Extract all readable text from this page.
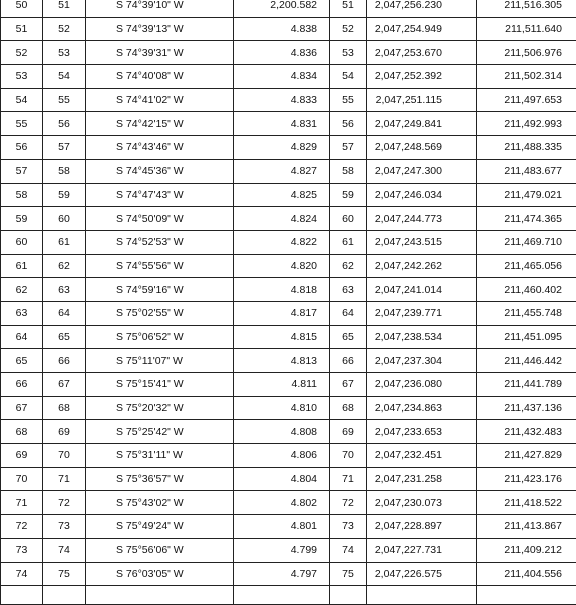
50	51	S 74°39'10" W	2,200.582	51	2,047,256.230	211,516.305
51	52	S 74°39'13" W	4.838	52	2,047,254.949	211,511.640
52	53	S 74°39'31" W	4.836	53	2,047,253.670	211,506.976
53	54	S 74°40'08" W	4.834	54	2,047,252.392	211,502.314
54	55	S 74°41'02" W	4.833	55	2,047,251.115	211,497.653
55	56	S 74°42'15" W	4.831	56	2,047,249.841	211,492.993
56	57	S 74°43'46" W	4.829	57	2,047,248.569	211,488.335
57	58	S 74°45'36" W	4.827	58	2,047,247.300	211,483.677
58	59	S 74°47'43" W	4.825	59	2,047,246.034	211,479.021
59	60	S 74°50'09" W	4.824	60	2,047,244.773	211,474.365
60	61	S 74°52'53" W	4.822	61	2,047,243.515	211,469.710
61	62	S 74°55'56" W	4.820	62	2,047,242.262	211,465.056
62	63	S 74°59'16" W	4.818	63	2,047,241.014	211,460.402
63	64	S 75°02'55" W	4.817	64	2,047,239.771	211,455.748
64	65	S 75°06'52" W	4.815	65	2,047,238.534	211,451.095
65	66	S 75°11'07" W	4.813	66	2,047,237.304	211,446.442
66	67	S 75°15'41" W	4.811	67	2,047,236.080	211,441.789
67	68	S 75°20'32" W	4.810	68	2,047,234.863	211,437.136
68	69	S 75°25'42" W	4.808	69	2,047,233.653	211,432.483
69	70	S 75°31'11" W	4.806	70	2,047,232.451	211,427.829
70	71	S 75°36'57" W	4.804	71	2,047,231.258	211,423.176
71	72	S 75°43'02" W	4.802	72	2,047,230.073	211,418.522
72	73	S 75°49'24" W	4.801	73	2,047,228.897	211,413.867
73	74	S 75°56'06" W	4.799	74	2,047,227.731	211,409.212
74	75	S 76°03'05" W	4.797	75	2,047,226.575	211,404.556
